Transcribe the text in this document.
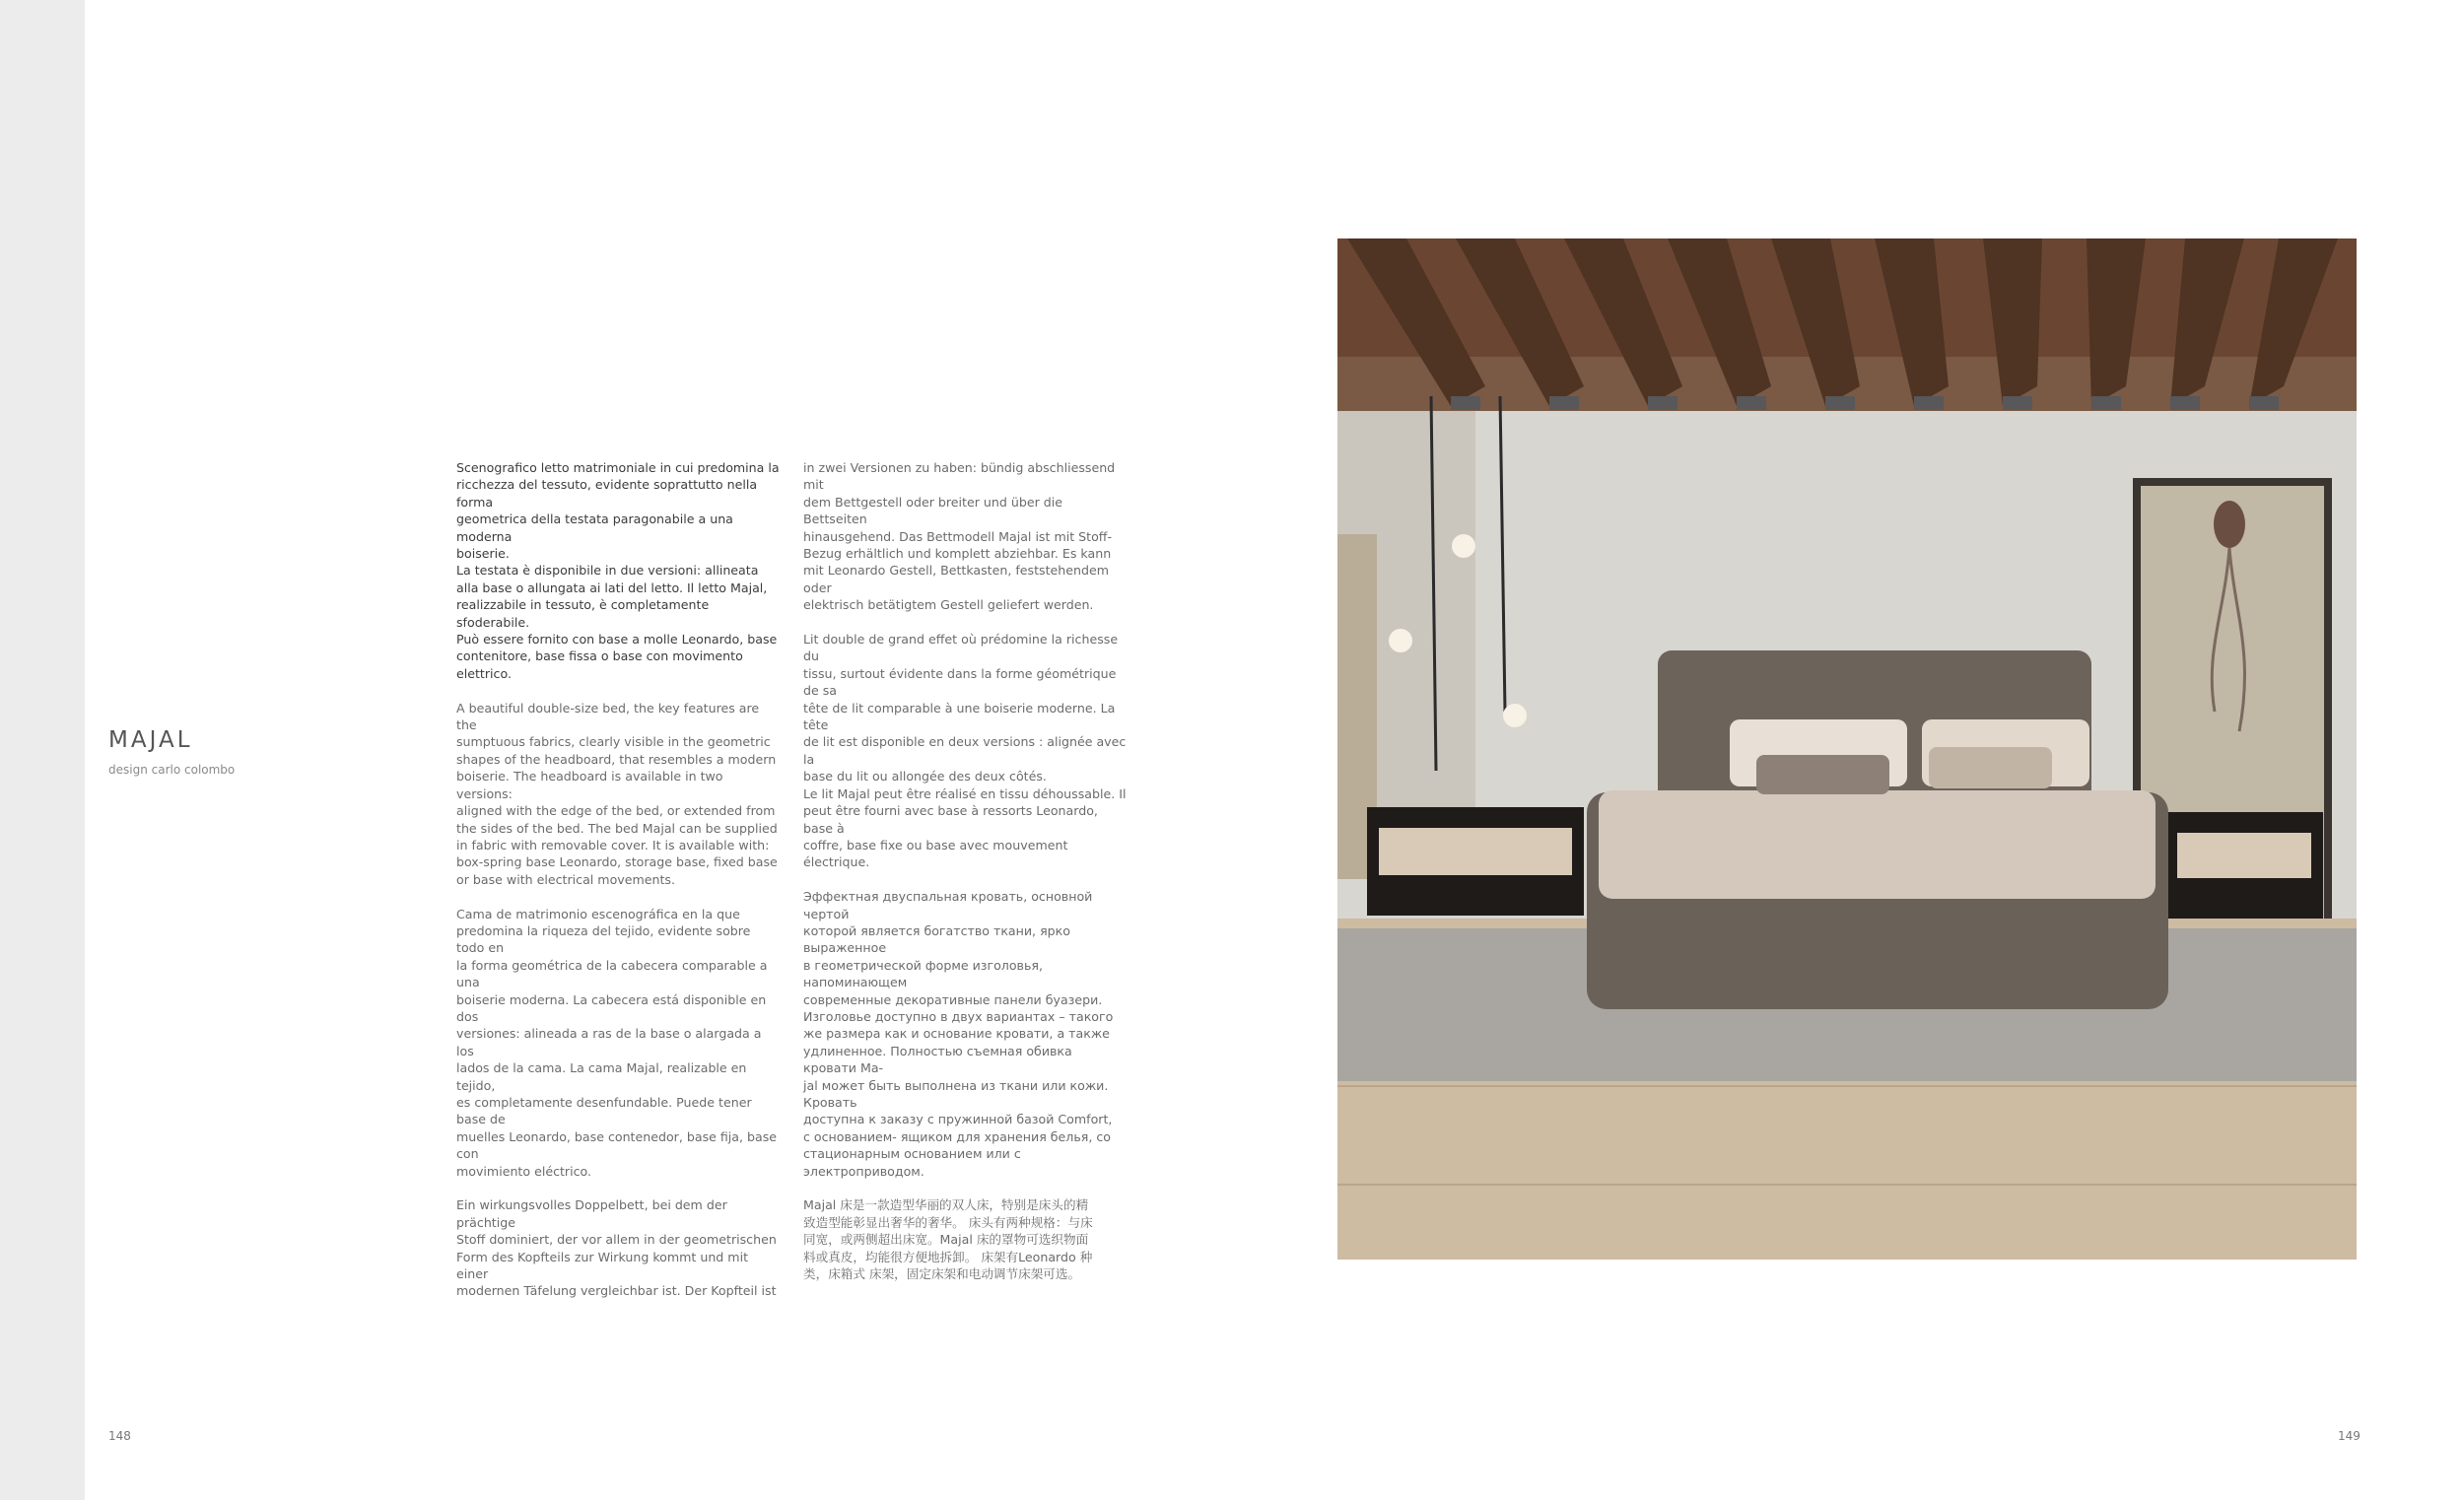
MAJAL
design carlo colombo

Scenografico letto matrimoniale in cui predomina la
ricchezza del tessuto, evidente soprattutto nella forma
geometrica della testata paragonabile a una moderna
boiserie.
La testata è disponibile in due versioni: allineata
alla base o allungata ai lati del letto. Il letto Majal,
realizzabile in tessuto, è completamente sfoderabile.
Può essere fornito con base a molle Leonardo, base
contenitore, base fissa o base con movimento elettrico.

A beautiful double-size bed, the key features are the
sumptuous fabrics, clearly visible in the geometric
shapes of the headboard, that resembles a modern
boiserie. The headboard is available in two versions:
aligned with the edge of the bed, or extended from
the sides of the bed. The bed Majal can be supplied
in fabric with removable cover. It is available with:
box-spring base Leonardo, storage base, fixed base
or base with electrical movements.

Cama de matrimonio escenográfica en la que
predomina la riqueza del tejido, evidente sobre todo en
la forma geométrica de la cabecera comparable a una
boiserie moderna. La cabecera está disponible en dos
versiones: alineada a ras de la base o alargada a los
lados de la cama. La cama Majal, realizable en tejido,
es completamente desenfundable. Puede tener base de
muelles Leonardo, base contenedor, base fija, base con
movimiento eléctrico.

Ein wirkungsvolles Doppelbett, bei dem der prächtige
Stoff dominiert, der vor allem in der geometrischen
Form des Kopfteils zur Wirkung kommt und mit einer
modernen Täfelung vergleichbar ist. Der Kopfteil ist

in zwei Versionen zu haben: bündig abschliessend mit
dem Bettgestell oder breiter und über die Bettseiten
hinausgehend. Das Bettmodell Majal ist mit Stoff-
Bezug erhältlich und komplett abziehbar. Es kann
mit Leonardo Gestell, Bettkasten, feststehendem oder
elektrisch betätigtem Gestell geliefert werden.

Lit double de grand effet où prédomine la richesse du
tissu, surtout évidente dans la forme géométrique de sa
tête de lit comparable à une boiserie moderne. La tête
de lit est disponible en deux versions : alignée avec la
base du lit ou allongée des deux côtés.
Le lit Majal peut être réalisé en tissu déhoussable. Il
peut être fourni avec base à ressorts Leonardo, base à
coffre, base fixe ou base avec mouvement électrique.

Эффектная двуспальная кровать, основной чертой
которой является богатство ткани, ярко выраженное
в геометрической форме изголовья, напоминающем
современные декоративные панели буазери.
Изголовье доступно в двух вариантах – такого
же размера как и основание кровати, а также
удлиненное. Полностью съемная обивка кровати Ма-
jal может быть выполнена из ткани или кожи. Кровать
доступна к заказу с пружинной базой Comfort,
с основанием- ящиком для хранения белья, со
стационарным основанием или с электроприводом.

Majal 床是一款造型华丽的双人床，特别是床头的精
致造型能彰显出奢华的奢华。 床头有两种规格：与床
同宽，或两侧超出床宽。Majal 床的罩物可选织物面
料或真皮，均能很方便地拆卸。 床架有Leonardo 种
类，床箱式 床架，固定床架和电动调节床架可选。

148	149
